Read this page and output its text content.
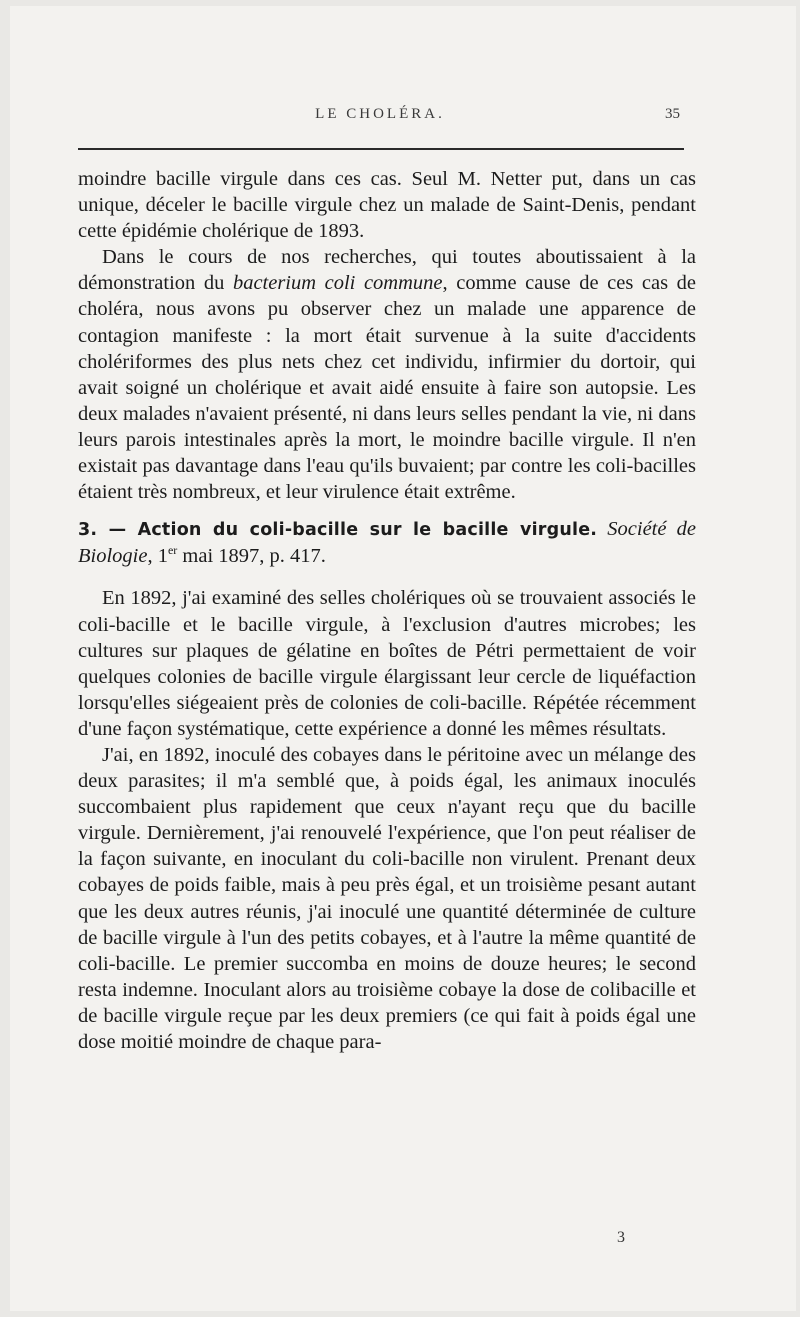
LE CHOLÉRA.	35

moindre bacille virgule dans ces cas. Seul M. Netter put, dans un cas unique, déceler le bacille virgule chez un malade de Saint-Denis, pendant cette épidémie cholérique de 1893.

Dans le cours de nos recherches, qui toutes aboutissaient à la démonstration du bacterium coli commune, comme cause de ces cas de choléra, nous avons pu observer chez un malade une apparence de contagion manifeste : la mort était survenue à la suite d'accidents cholériformes des plus nets chez cet individu, infirmier du dortoir, qui avait soigné un cholérique et avait aidé ensuite à faire son autopsie. Les deux malades n'avaient présenté, ni dans leurs selles pendant la vie, ni dans leurs parois intestinales après la mort, le moindre bacille virgule. Il n'en existait pas davantage dans l'eau qu'ils buvaient; par contre les coli-bacilles étaient très nombreux, et leur virulence était extrême.

3. — Action du coli-bacille sur le bacille virgule. Société de Biologie, 1er mai 1897, p. 417.

En 1892, j'ai examiné des selles cholériques où se trouvaient associés le coli-bacille et le bacille virgule, à l'exclusion d'autres microbes; les cultures sur plaques de gélatine en boîtes de Pétri permettaient de voir quelques colonies de bacille virgule élargissant leur cercle de liquéfaction lorsqu'elles siégeaient près de colonies de coli-bacille. Répétée récemment d'une façon systématique, cette expérience a donné les mêmes résultats.

J'ai, en 1892, inoculé des cobayes dans le péritoine avec un mélange des deux parasites; il m'a semblé que, à poids égal, les animaux inoculés succombaient plus rapidement que ceux n'ayant reçu que du bacille virgule. Dernièrement, j'ai renouvelé l'expérience, que l'on peut réaliser de la façon suivante, en inoculant du coli-bacille non virulent. Prenant deux cobayes de poids faible, mais à peu près égal, et un troisième pesant autant que les deux autres réunis, j'ai inoculé une quantité déterminée de culture de bacille virgule à l'un des petits cobayes, et à l'autre la même quantité de coli-bacille. Le premier succomba en moins de douze heures; le second resta indemne. Inoculant alors au troisième cobaye la dose de colibacille et de bacille virgule reçue par les deux premiers (ce qui fait à poids égal une dose moitié moindre de chaque para-

3
